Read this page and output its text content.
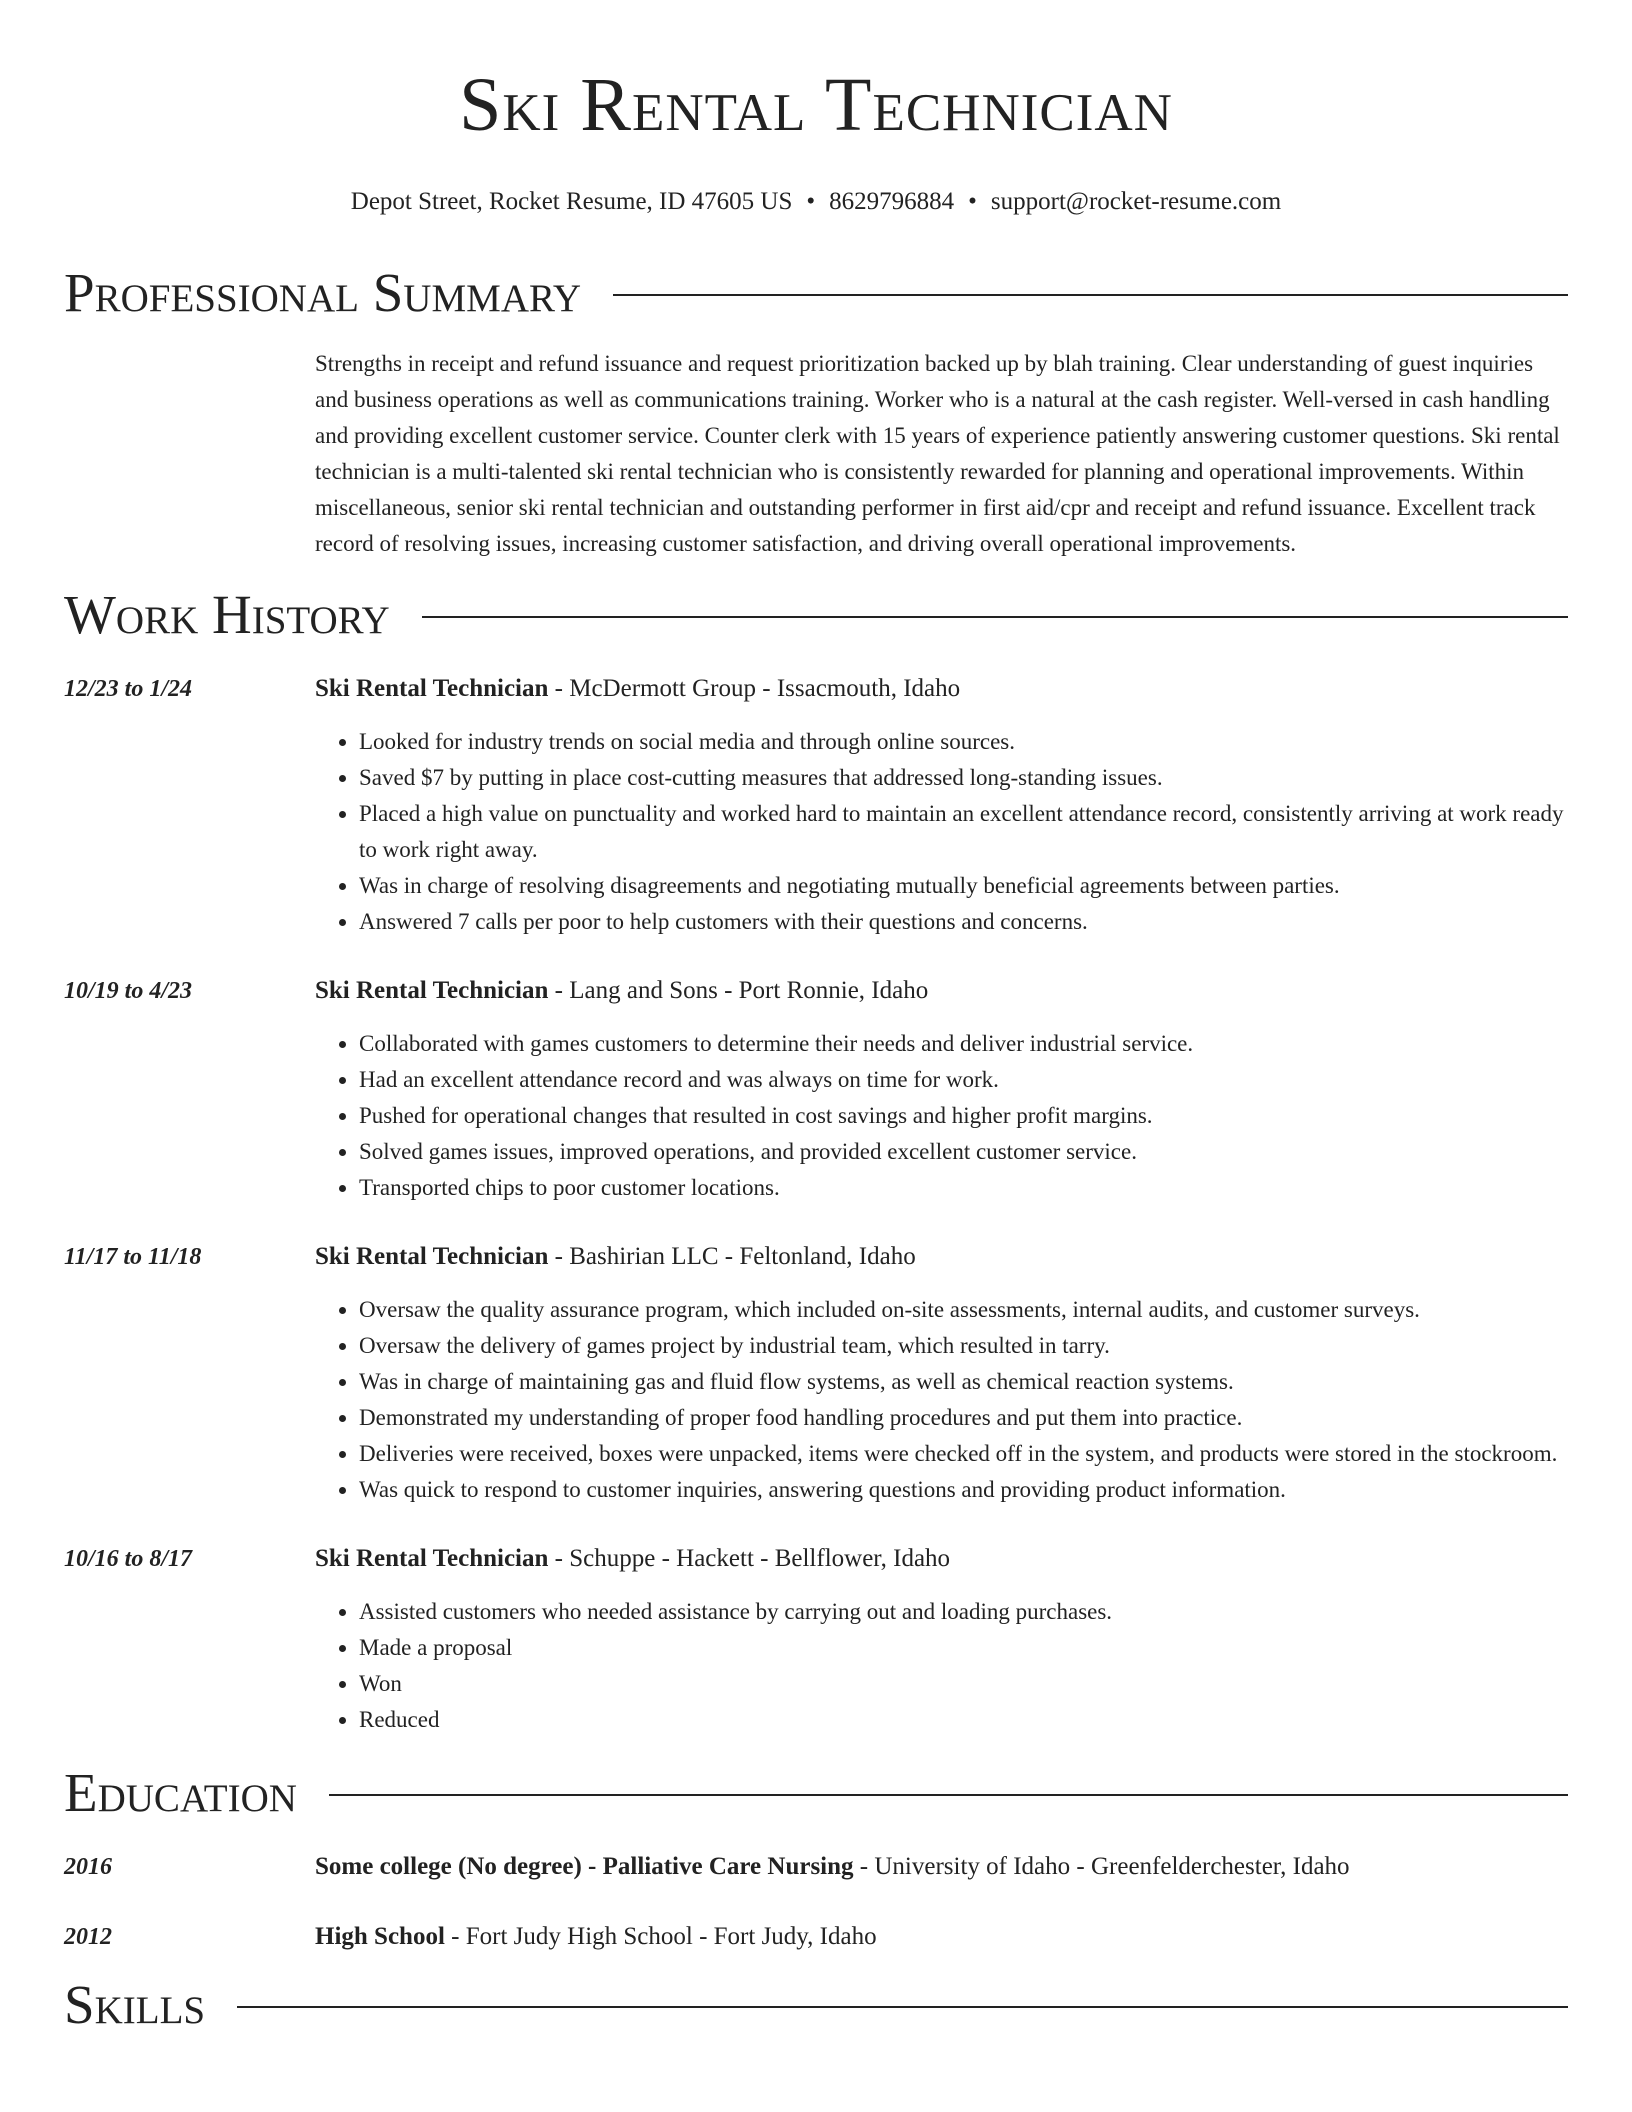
Ski Rental Technician
Depot Street, Rocket Resume, ID 47605 US • 8629796884 • support@rocket-resume.com
Professional Summary
Strengths in receipt and refund issuance and request prioritization backed up by blah training. Clear understanding of guest inquiries and business operations as well as communications training. Worker who is a natural at the cash register. Well-versed in cash handling and providing excellent customer service. Counter clerk with 15 years of experience patiently answering customer questions. Ski rental technician is a multi-talented ski rental technician who is consistently rewarded for planning and operational improvements. Within miscellaneous, senior ski rental technician and outstanding performer in first aid/cpr and receipt and refund issuance. Excellent track record of resolving issues, increasing customer satisfaction, and driving overall operational improvements.
Work History
12/23 to 1/24	Ski Rental Technician - McDermott Group - Issacmouth, Idaho
• Looked for industry trends on social media and through online sources.
• Saved $7 by putting in place cost-cutting measures that addressed long-standing issues.
• Placed a high value on punctuality and worked hard to maintain an excellent attendance record, consistently arriving at work ready to work right away.
• Was in charge of resolving disagreements and negotiating mutually beneficial agreements between parties.
• Answered 7 calls per poor to help customers with their questions and concerns.
10/19 to 4/23	Ski Rental Technician - Lang and Sons - Port Ronnie, Idaho
• Collaborated with games customers to determine their needs and deliver industrial service.
• Had an excellent attendance record and was always on time for work.
• Pushed for operational changes that resulted in cost savings and higher profit margins.
• Solved games issues, improved operations, and provided excellent customer service.
• Transported chips to poor customer locations.
11/17 to 11/18	Ski Rental Technician - Bashirian LLC - Feltonland, Idaho
• Oversaw the quality assurance program, which included on-site assessments, internal audits, and customer surveys.
• Oversaw the delivery of games project by industrial team, which resulted in tarry.
• Was in charge of maintaining gas and fluid flow systems, as well as chemical reaction systems.
• Demonstrated my understanding of proper food handling procedures and put them into practice.
• Deliveries were received, boxes were unpacked, items were checked off in the system, and products were stored in the stockroom.
• Was quick to respond to customer inquiries, answering questions and providing product information.
10/16 to 8/17	Ski Rental Technician - Schuppe - Hackett - Bellflower, Idaho
• Assisted customers who needed assistance by carrying out and loading purchases.
• Made a proposal
• Won
• Reduced
Education
2016	Some college (No degree) - Palliative Care Nursing - University of Idaho - Greenfelderchester, Idaho
2012	High School - Fort Judy High School - Fort Judy, Idaho
Skills
